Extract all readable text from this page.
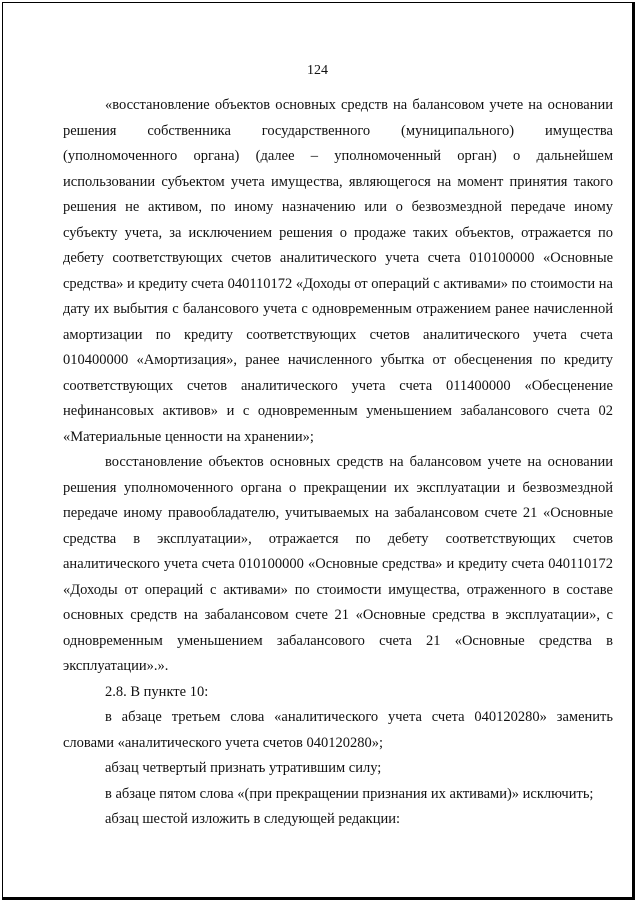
124

«восстановление объектов основных средств на балансовом учете на основании решения собственника государственного (муниципального) имущества (уполномоченного органа) (далее – уполномоченный орган) о дальнейшем использовании субъектом учета имущества, являющегося на момент принятия такого решения не активом, по иному назначению или о безвозмездной передаче иному субъекту учета, за исключением решения о продаже таких объектов, отражается по дебету соответствующих счетов аналитического учета счета 010100000 «Основные средства» и кредиту счета 040110172 «Доходы от операций с активами» по стоимости на дату их выбытия с балансового учета с одновременным отражением ранее начисленной амортизации по кредиту соответствующих счетов аналитического учета счета 010400000 «Амортизация», ранее начисленного убытка от обесценения по кредиту соответствующих счетов аналитического учета счета 011400000 «Обесценение нефинансовых активов» и с одновременным уменьшением забалансового счета 02 «Материальные ценности на хранении»;

восстановление объектов основных средств на балансовом учете на основании решения уполномоченного органа о прекращении их эксплуатации и безвозмездной передаче иному правообладателю, учитываемых на забалансовом счете 21 «Основные средства в эксплуатации», отражается по дебету соответствующих счетов аналитического учета счета 010100000 «Основные средства» и кредиту счета 040110172 «Доходы от операций с активами» по стоимости имущества, отраженного в составе основных средств на забалансовом счете 21 «Основные средства в эксплуатации», с одновременным уменьшением забалансового счета 21 «Основные средства в эксплуатации».».

2.8. В пункте 10:

в абзаце третьем слова «аналитического учета счета 040120280» заменить словами «аналитического учета счетов 040120280»;

абзац четвертый признать утратившим силу;

в абзаце пятом слова «(при прекращении признания их активами)» исключить;

абзац шестой изложить в следующей редакции:
